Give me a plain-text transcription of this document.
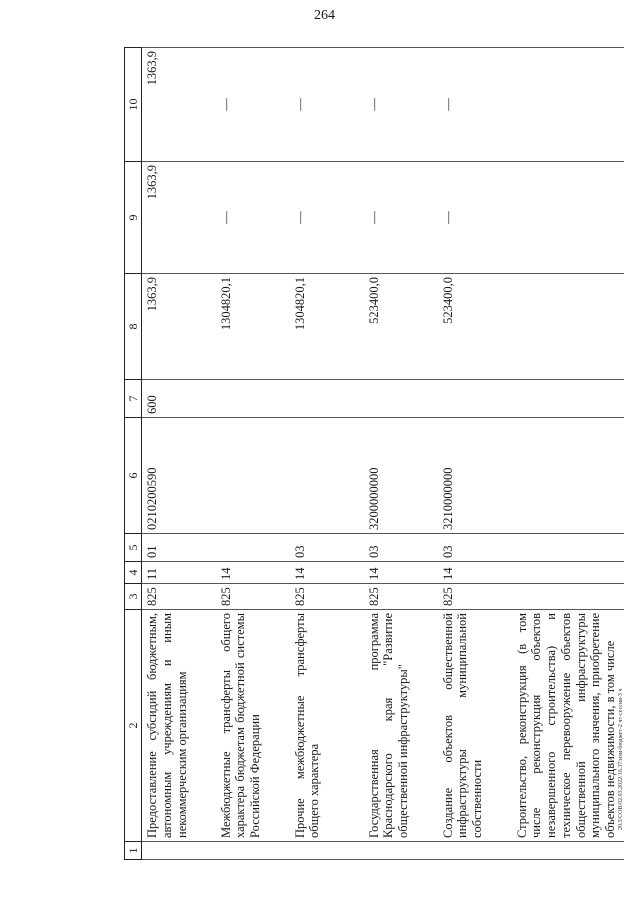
264
20.3/СОВ/02.03.2022/16.37/изм-бюджет-2 чт-сессия-3 ч
1	2	3	4	5	6	7	8	9	10
	Предоставление субсидий бюджетным, автономным учреждениям и иным некоммерческим организациям	825	11	01	0210200590	600	1363,9	1363,9	1363,9
	Межбюджетные трансферты общего характера бюджетам бюджетной системы Российской Федерации	825	14				1304820,1	—	—
	Прочие межбюджетные трансферты общего характера	825	14	03			1304820,1	—	—
	Государственная программа Краснодарского края "Развитие общественной инфраструктуры"	825	14	03	3200000000		523400,0	—	—
	Создание объектов общественной инфраструктуры муниципальной собственности	825	14	03	3210000000		523400,0	—	—
	Строительство, реконструкция (в том числе реконструкция объектов незавершенного строительства) и техническое перевооружение объектов общественной инфраструктуры муниципального значения, приобретение объектов недвижимости, в том числе								
